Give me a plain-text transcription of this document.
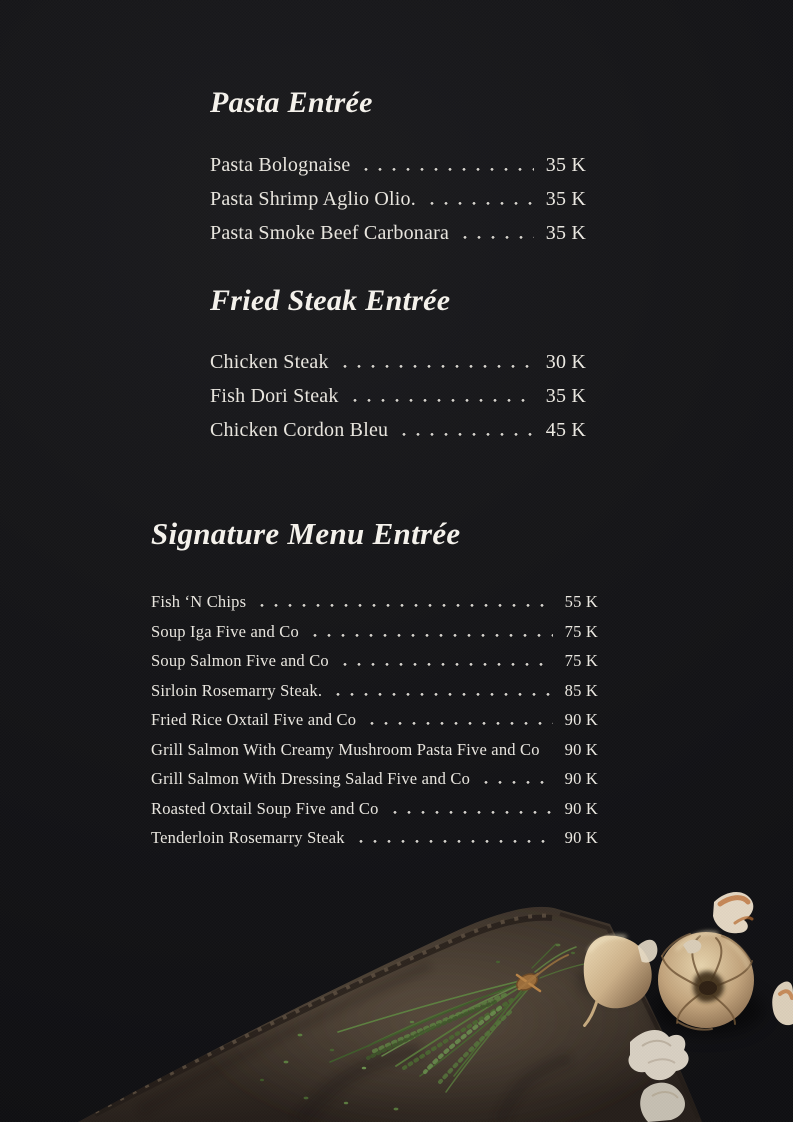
Pasta Entrée
Pasta Bolognaise	35 K
Pasta Shrimp Aglio Olio.	35 K
Pasta Smoke Beef Carbonara	35 K
Fried Steak Entrée
Chicken Steak	30 K
Fish Dori Steak	35 K
Chicken Cordon Bleu	45 K
Signature Menu Entrée
Fish ‘N Chips	55 K
Soup Iga Five and Co	75 K
Soup Salmon Five and Co	75 K
Sirloin Rosemarry Steak.	85 K
Fried Rice Oxtail Five and Co	90 K
Grill Salmon With Creamy Mushroom Pasta Five and Co 90 K
Grill Salmon With Dressing Salad Five and Co	90 K
Roasted Oxtail Soup Five and Co	90 K
Tenderloin Rosemarry Steak	90 K
